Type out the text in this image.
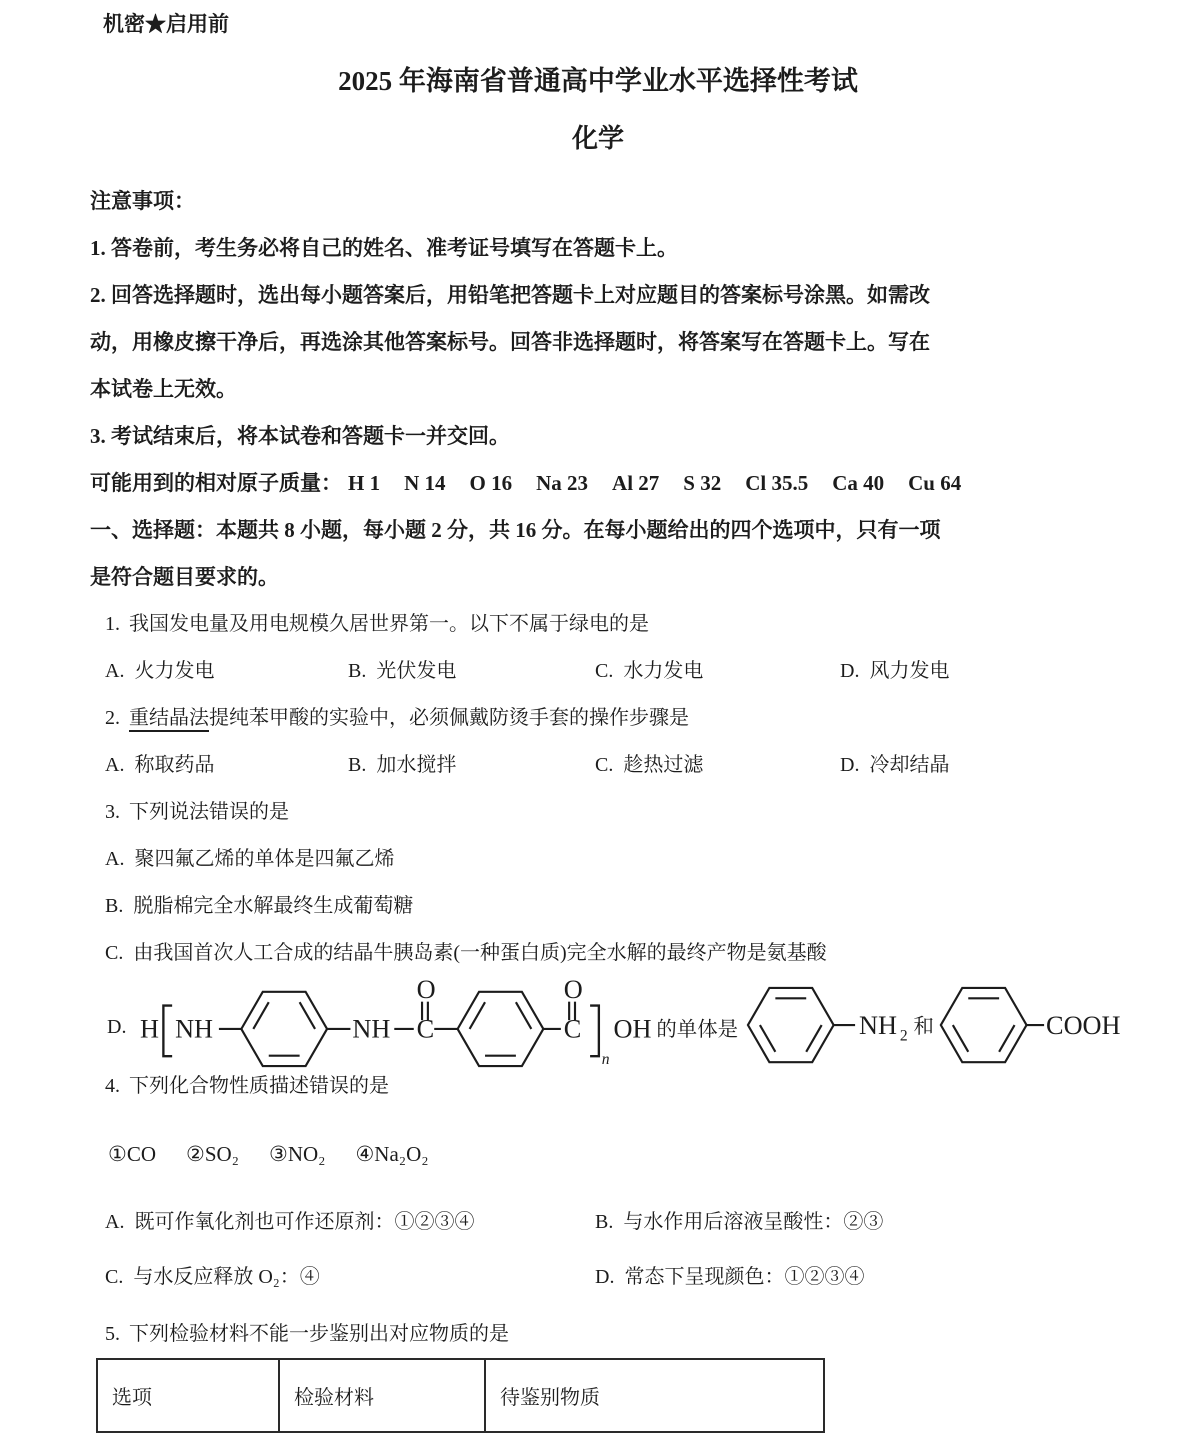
机密★启用前
2025 年海南省普通高中学业水平选择性考试
化学

注意事项：

1. 答卷前，考生务必将自己的姓名、准考证号填写在答题卡上。

2. 回答选择题时，选出每小题答案后，用铅笔把答题卡上对应题目的答案标号涂黑。如需改

动，用橡皮擦干净后，再选涂其他答案标号。回答非选择题时，将答案写在答题卡上。写在

本试卷上无效。

3. 考试结束后，将本试卷和答题卡一并交回。

可能用到的相对原子质量： H 1 N 14 O 16 Na 23 Al 27 S 32 Cl 35.5 Ca 40 Cu 64

一、选择题：本题共 8 小题，每小题 2 分，共 16 分。在每小题给出的四个选项中，只有一项

是符合题目要求的。

1. 我国发电量及用电规模久居世界第一。以下不属于绿电的是

A. 火力发电	B. 光伏发电	C. 水力发电	D. 风力发电

2. 重结晶法提纯苯甲酸的实验中，必须佩戴防烫手套的操作步骤是

A. 称取药品	B. 加水搅拌	C. 趁热过滤	D. 冷却结晶

3. 下列说法错误的是

A. 聚四氟乙烯的单体是四氟乙烯

B. 脱脂棉完全水解最终生成葡萄糖

C. 由我国首次人工合成的结晶牛胰岛素(一种蛋白质)完全水解的最终产物是氨基酸

D. H NH	NH C
O
C
O
n
OH 的单体是	NH 2 和	COOH

4. 下列化合物性质描述错误的是

①CO ②SO₂ ③NO₂ ④Na₂O₂

A. 既可作氧化剂也可作还原剂：①②③④	B. 与水作用后溶液呈酸性：②③
C. 与水反应释放 O₂：④	D. 常态下呈现颜色：①②③④

5. 下列检验材料不能一步鉴别出对应物质的是

选项	检验材料	待鉴别物质
